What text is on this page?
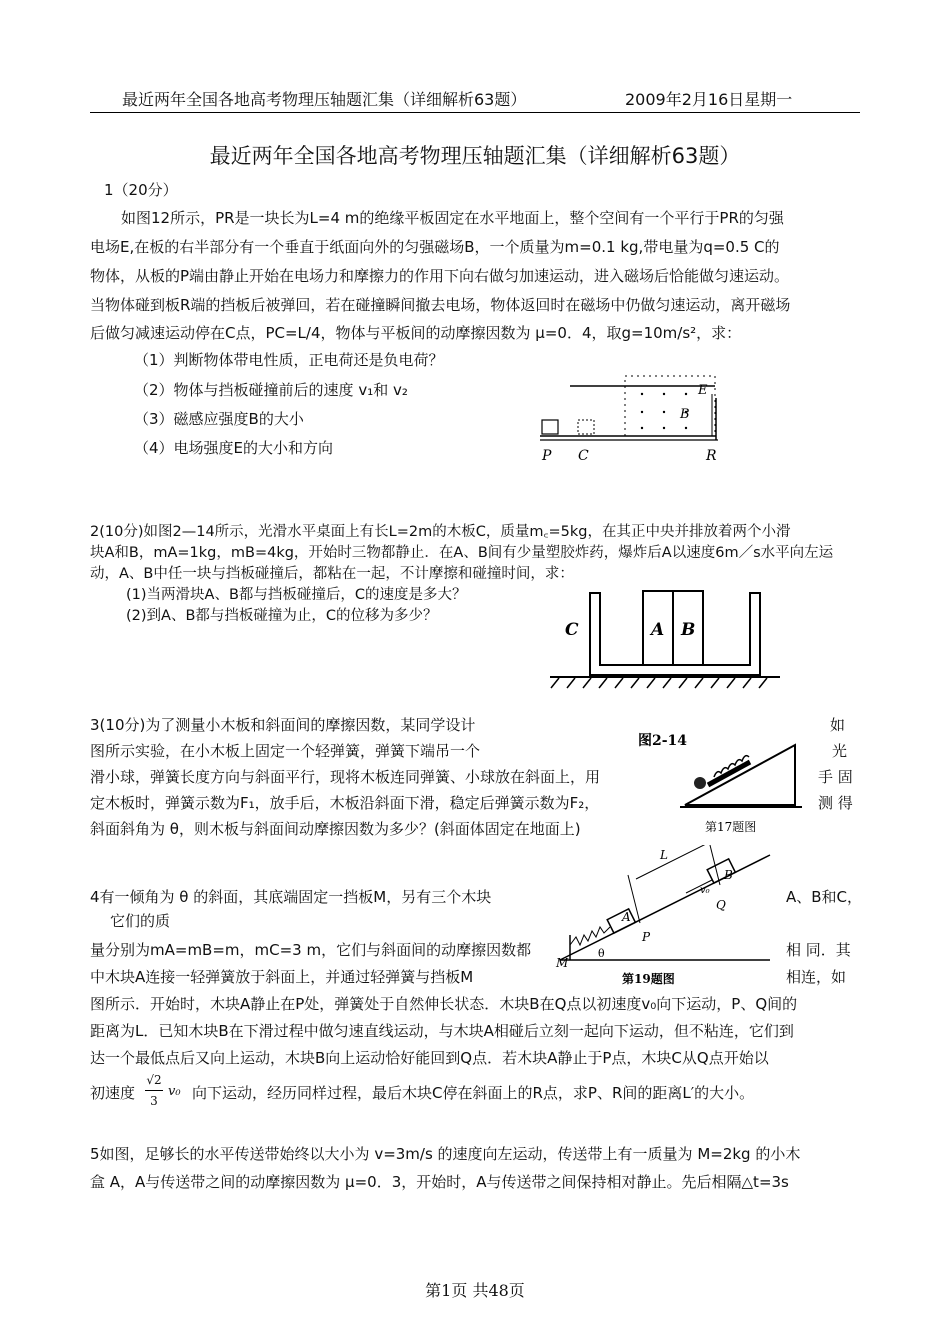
最近两年全国各地高考物理压轴题汇集（详细解析63题）	2009年2月16日星期一
最近两年全国各地高考物理压轴题汇集（详细解析63题）
1（20分）
如图12所示，PR是一块长为L=4 m的绝缘平板固定在水平地面上，整个空间有一个平行于PR的匀强
电场E,在板的右半部分有一个垂直于纸面向外的匀强磁场B，一个质量为m=0.1 kg,带电量为q=0.5 C的
物体，从板的P端由静止开始在电场力和摩擦力的作用下向右做匀加速运动，进入磁场后恰能做匀速运动。
当物体碰到板R端的挡板后被弹回，若在碰撞瞬间撤去电场，物体返回时在磁场中仍做匀速运动，离开磁场
后做匀减速运动停在C点，PC=L/4，物体与平板间的动摩擦因数为 μ=0．4，取g=10m/s²，求：
（1）判断物体带电性质，正电荷还是负电荷？
（2）物体与挡板碰撞前后的速度 v₁和 v₂
（3）磁感应强度B的大小
（4）电场强度E的大小和方向	P C	R
E
B
2(10分)如图2—14所示，光滑水平桌面上有长L=2m的木板C，质量m꜀=5kg，在其正中央并排放着两个小滑
块A和B，mA=1kg，mB=4kg，开始时三物都静止．在A、B间有少量塑胶炸药，爆炸后A以速度6m／s水平向左运
动，A、B中任一块与挡板碰撞后，都粘在一起，不计摩擦和碰撞时间，求：
(1)当两滑块A、B都与挡板碰撞后，C的速度是多大？
(2)到A、B都与挡板碰撞为止，C的位移为多少？
C	A B
3(10分)为了测量小木板和斜面间的摩擦因数，某同学设计
图所示实验，在小木板上固定一个轻弹簧，弹簧下端吊一个
滑小球，弹簧长度方向与斜面平行，现将木板连同弹簧、小球放在斜面上，用
定木板时，弹簧示数为F₁，放手后，木板沿斜面下滑，稳定后弹簧示数为F₂，
斜面斜角为 θ，则木板与斜面间动摩擦因数为多少？(斜面体固定在地面上)
如
光
手 固
测 得
图2-14
第17题图
4有一倾角为 θ 的斜面，其底端固定一挡板M，另有三个木块	A、B和C，
它们的质
量分别为mA=mB=m，mC=3 m，它们与斜面间的动摩擦因数都	相 同．其
中木块A连接一轻弹簧放于斜面上，并通过轻弹簧与挡板M	相连，如
图所示．开始时，木块A静止在P处，弹簧处于自然伸长状态．木块B在Q点以初速度v₀向下运动，P、Q间的
距离为L．已知木块B在下滑过程中做匀速直线运动，与木块A相碰后立刻一起向下运动，但不粘连，它们到
达一个最低点后又向上运动，木块B向上运动恰好能回到Q点．若木块A静止于P点，木块C从Q点开始以
初速度
√2
3
v₀ 向下运动，经历同样过程，最后木块C停在斜面上的R点，求P、R间的距离L′的大小。
L
B
v₀
Q
A
P
M
θ
第19题图
5如图，足够长的水平传送带始终以大小为 v=3m/s 的速度向左运动，传送带上有一质量为 M=2kg 的小木
盒 A，A与传送带之间的动摩擦因数为 μ=0．3，开始时，A与传送带之间保持相对静止。先后相隔△t=3s
第1页 共48页
